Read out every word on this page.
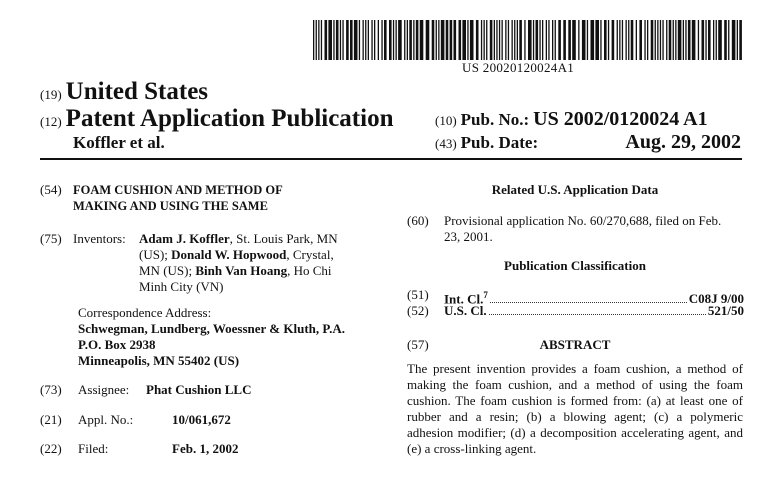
US 20020120024A1
(19) United States
(12) Patent Application Publication
Koffler et al.
(10) Pub. No.: US 2002/0120024 A1
(43) Pub. Date:	Aug. 29, 2002
(54) FOAM CUSHION AND METHOD OF
MAKING AND USING THE SAME
(75) Inventors: Adam J. Koffler, St. Louis Park, MN
(US); Donald W. Hopwood, Crystal,
MN (US); Binh Van Hoang, Ho Chi
Minh City (VN)
Correspondence Address:
Schwegman, Lundberg, Woessner & Kluth, P.A.
P.O. Box 2938
Minneapolis, MN 55402 (US)
(73) Assignee: Phat Cushion LLC
(21) Appl. No.:	10/061,672
(22) Filed:	Feb. 1, 2002
Related U.S. Application Data
(60) Provisional application No. 60/270,688, filed on Feb.
23, 2001.
Publication Classification
(51) Int. Cl.$^7$	C08J 9/00
(52) U.S. Cl.	521/50
(57)	ABSTRACT
The present invention provides a foam cushion, a method of making the foam cushion, and a method of using the foam cushion. The foam cushion is formed from: (a) at least one of rubber and a resin; (b) a blowing agent; (c) a polymeric adhesion modifier; (d) a decomposition accelerating agent, and (e) a cross-linking agent.
